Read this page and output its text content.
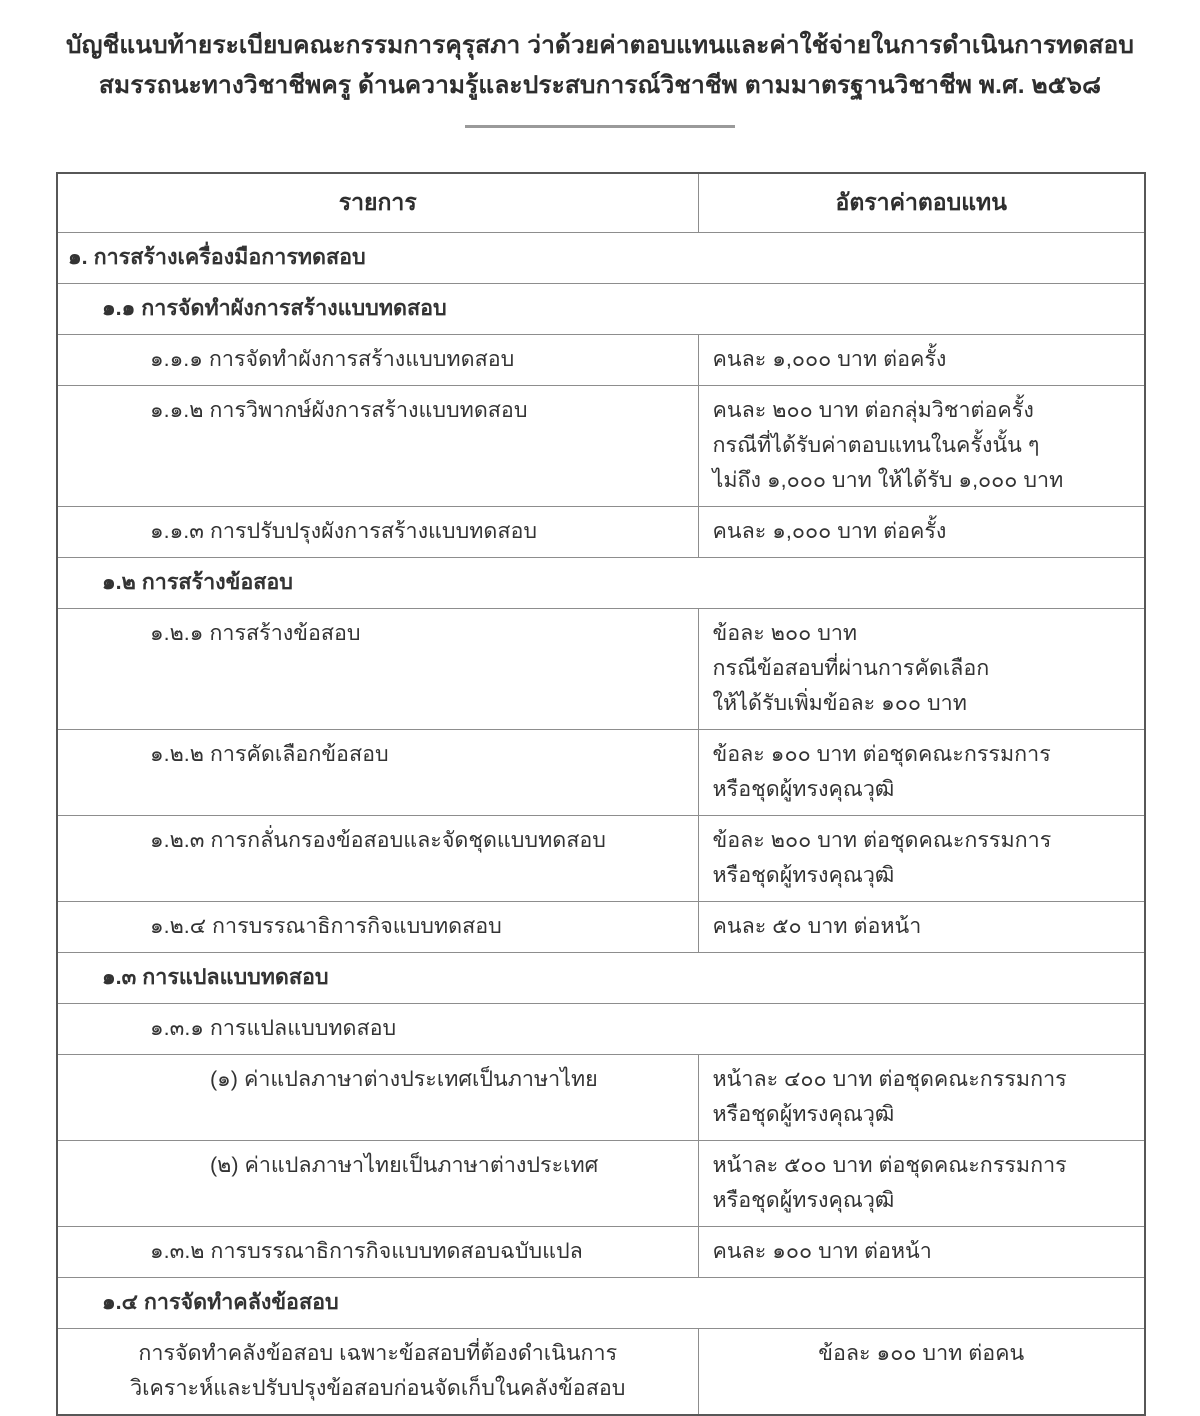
บัญชีแนบท้ายระเบียบคณะกรรมการคุรุสภา ว่าด้วยค่าตอบแทนและค่าใช้จ่ายในการดำเนินการทดสอบ
สมรรถนะทางวิชาชีพครู ด้านความรู้และประสบการณ์วิชาชีพ ตามมาตรฐานวิชาชีพ พ.ศ. ๒๕๖๘
รายการ	อัตราค่าตอบแทน

๑. การสร้างเครื่องมือการทดสอบ	

๑.๑ การจัดทำผังการสร้างแบบทดสอบ	

๑.๑.๑ การจัดทำผังการสร้างแบบทดสอบ	คนละ ๑,๐๐๐ บาท ต่อครั้ง

๑.๑.๒ การวิพากษ์ผังการสร้างแบบทดสอบ	คนละ ๒๐๐ บาท ต่อกลุ่มวิชาต่อครั้ง
กรณีที่ได้รับค่าตอบแทนในครั้งนั้น ๆ
ไม่ถึง ๑,๐๐๐ บาท ให้ได้รับ ๑,๐๐๐ บาท

๑.๑.๓ การปรับปรุงผังการสร้างแบบทดสอบ	คนละ ๑,๐๐๐ บาท ต่อครั้ง

๑.๒ การสร้างข้อสอบ	

๑.๒.๑ การสร้างข้อสอบ	ข้อละ ๒๐๐ บาท
กรณีข้อสอบที่ผ่านการคัดเลือก
ให้ได้รับเพิ่มข้อละ ๑๐๐ บาท

๑.๒.๒ การคัดเลือกข้อสอบ	ข้อละ ๑๐๐ บาท ต่อชุดคณะกรรมการ
หรือชุดผู้ทรงคุณวุฒิ

๑.๒.๓ การกลั่นกรองข้อสอบและจัดชุดแบบทดสอบ	ข้อละ ๒๐๐ บาท ต่อชุดคณะกรรมการ
หรือชุดผู้ทรงคุณวุฒิ

๑.๒.๔ การบรรณาธิการกิจแบบทดสอบ	คนละ ๕๐ บาท ต่อหน้า

๑.๓ การแปลแบบทดสอบ	

๑.๓.๑ การแปลแบบทดสอบ	

(๑) ค่าแปลภาษาต่างประเทศเป็นภาษาไทย	หน้าละ ๔๐๐ บาท ต่อชุดคณะกรรมการ
หรือชุดผู้ทรงคุณวุฒิ

(๒) ค่าแปลภาษาไทยเป็นภาษาต่างประเทศ	หน้าละ ๕๐๐ บาท ต่อชุดคณะกรรมการ
หรือชุดผู้ทรงคุณวุฒิ

๑.๓.๒ การบรรณาธิการกิจแบบทดสอบฉบับแปล	คนละ ๑๐๐ บาท ต่อหน้า

๑.๔ การจัดทำคลังข้อสอบ	

การจัดทำคลังข้อสอบ เฉพาะข้อสอบที่ต้องดำเนินการ
วิเคราะห์และปรับปรุงข้อสอบก่อนจัดเก็บในคลังข้อสอบ	ข้อละ ๑๐๐ บาท ต่อคน
